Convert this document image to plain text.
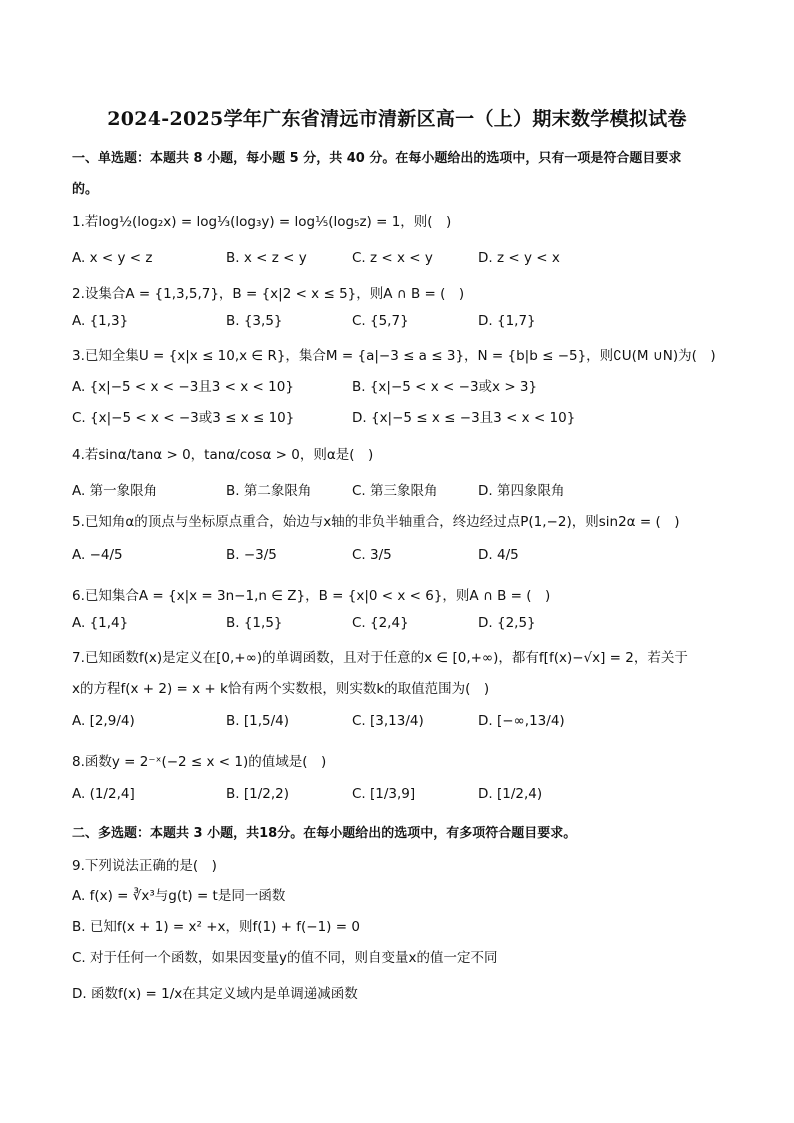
2024-2025学年广东省清远市清新区高一（上）期末数学模拟试卷
一、单选题：本题共 8 小题，每小题 5 分，共 40 分。在每小题给出的选项中，只有一项是符合题目要求
的。
1.若log½(log₂x) = log⅓(log₃y) = log⅕(log₅z) = 1，则(　)
A. x < y < z	B. x < z < y	C. z < x < y	D. z < y < x
2.设集合A = {1,3,5,7}，B = {x|2 < x ≤ 5}，则A ∩ B = (　)
A. {1,3}	B. {3,5}	C. {5,7}	D. {1,7}
3.已知全集U = {x|x ≤ 10,x ∈ R}，集合M = {a|−3 ≤ a ≤ 3}，N = {b|b ≤ −5}，则∁U(M ∪N)为(　)
A. {x|−5 < x < −3且3 < x < 10}	B. {x|−5 < x < −3或x > 3}
C. {x|−5 < x < −3或3 ≤ x ≤ 10}	D. {x|−5 ≤ x ≤ −3且3 < x < 10}
4.若sinα/tanα > 0，tanα/cosα > 0，则α是(　)
A. 第一象限角	B. 第二象限角	C. 第三象限角	D. 第四象限角
5.已知角α的顶点与坐标原点重合，始边与x轴的非负半轴重合，终边经过点P(1,−2)，则sin2α = (　)
A. −4/5	B. −3/5	C. 3/5	D. 4/5
6.已知集合A = {x|x = 3n−1,n ∈ Z}，B = {x|0 < x < 6}，则A ∩ B = (　)
A. {1,4}	B. {1,5}	C. {2,4}	D. {2,5}
7.已知函数f(x)是定义在[0,+∞)的单调函数，且对于任意的x ∈ [0,+∞)，都有f[f(x)−√x] = 2，若关于
x的方程f(x + 2) = x + k恰有两个实数根，则实数k的取值范围为(　)
A. [2,9/4)	B. [1,5/4)	C. [3,13/4)	D. [−∞,13/4)
8.函数y = 2⁻ˣ(−2 ≤ x < 1)的值域是(　)
A. (1/2,4]	B. [1/2,2)	C. [1/3,9]	D. [1/2,4)
二、多选题：本题共 3 小题，共18分。在每小题给出的选项中，有多项符合题目要求。
9.下列说法正确的是(　)
A. f(x) = ∛x³与g(t) = t是同一函数
B. 已知f(x + 1) = x² +x，则f(1) + f(−1) = 0
C. 对于任何一个函数，如果因变量y的值不同，则自变量x的值一定不同
D. 函数f(x) = 1/x在其定义域内是单调递减函数
